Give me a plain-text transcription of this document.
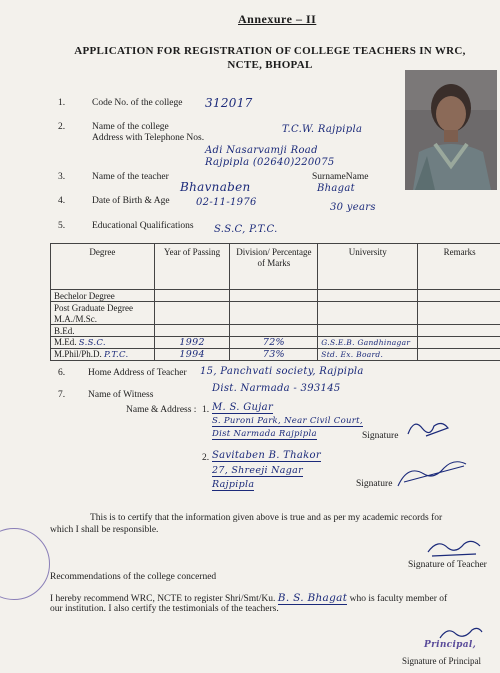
Annexure – II
APPLICATION FOR REGISTRATION OF COLLEGE TEACHERS IN WRC,
NCTE, BHOPAL
1.	Code No. of the college 312017
2.	Name of the college
Address with Telephone Nos.
T.C.W. Rajpipla
Adi Nasarvamji Road
Rajpipla (02640)220075
3.	Name of the teacher	SurnameName
Bhavnaben	Bhagat
4.	Date of Birth & Age	02-11-1976	30 years
5.	Educational Qualifications S.S.C, P.T.C.
Degree	Year of Passing	Division/ Percentage of Marks	University	Remarks
Bechelor Degree				
Post Graduate Degree				
M.A./M.Sc.				
B.Ed.				
M.Ed. S.S.C.	1992	72%	G.S.E.B. Gandhinagar	
M.Phil/Ph.D. P.T.C.	1994	73%	Std. Ex. Board.	
6. Home Address of Teacher 15, Panchvati society, Rajpipla
Dist. Narmada - 393145
7. Name of Witness
Name & Address : 1. M. S. Gujar
S. Puroni Park, Near Civil Court,
Dist Narmada Rajpipla	Signature
2. Savitaben B. Thakor
27, Shreeji Nagar
Rajpipla	Signature
This is to certify that the information given above is true and as per my academic records for
which I shall be responsible.
Signature of Teacher
Recommendations of the college concerned
I hereby recommend WRC, NCTE to register Shri/Smt/Ku. B. S. Bhagat who is faculty member of
our institution. I also certify the testimonials of the teachers.
Principal,
Signature of Principal
